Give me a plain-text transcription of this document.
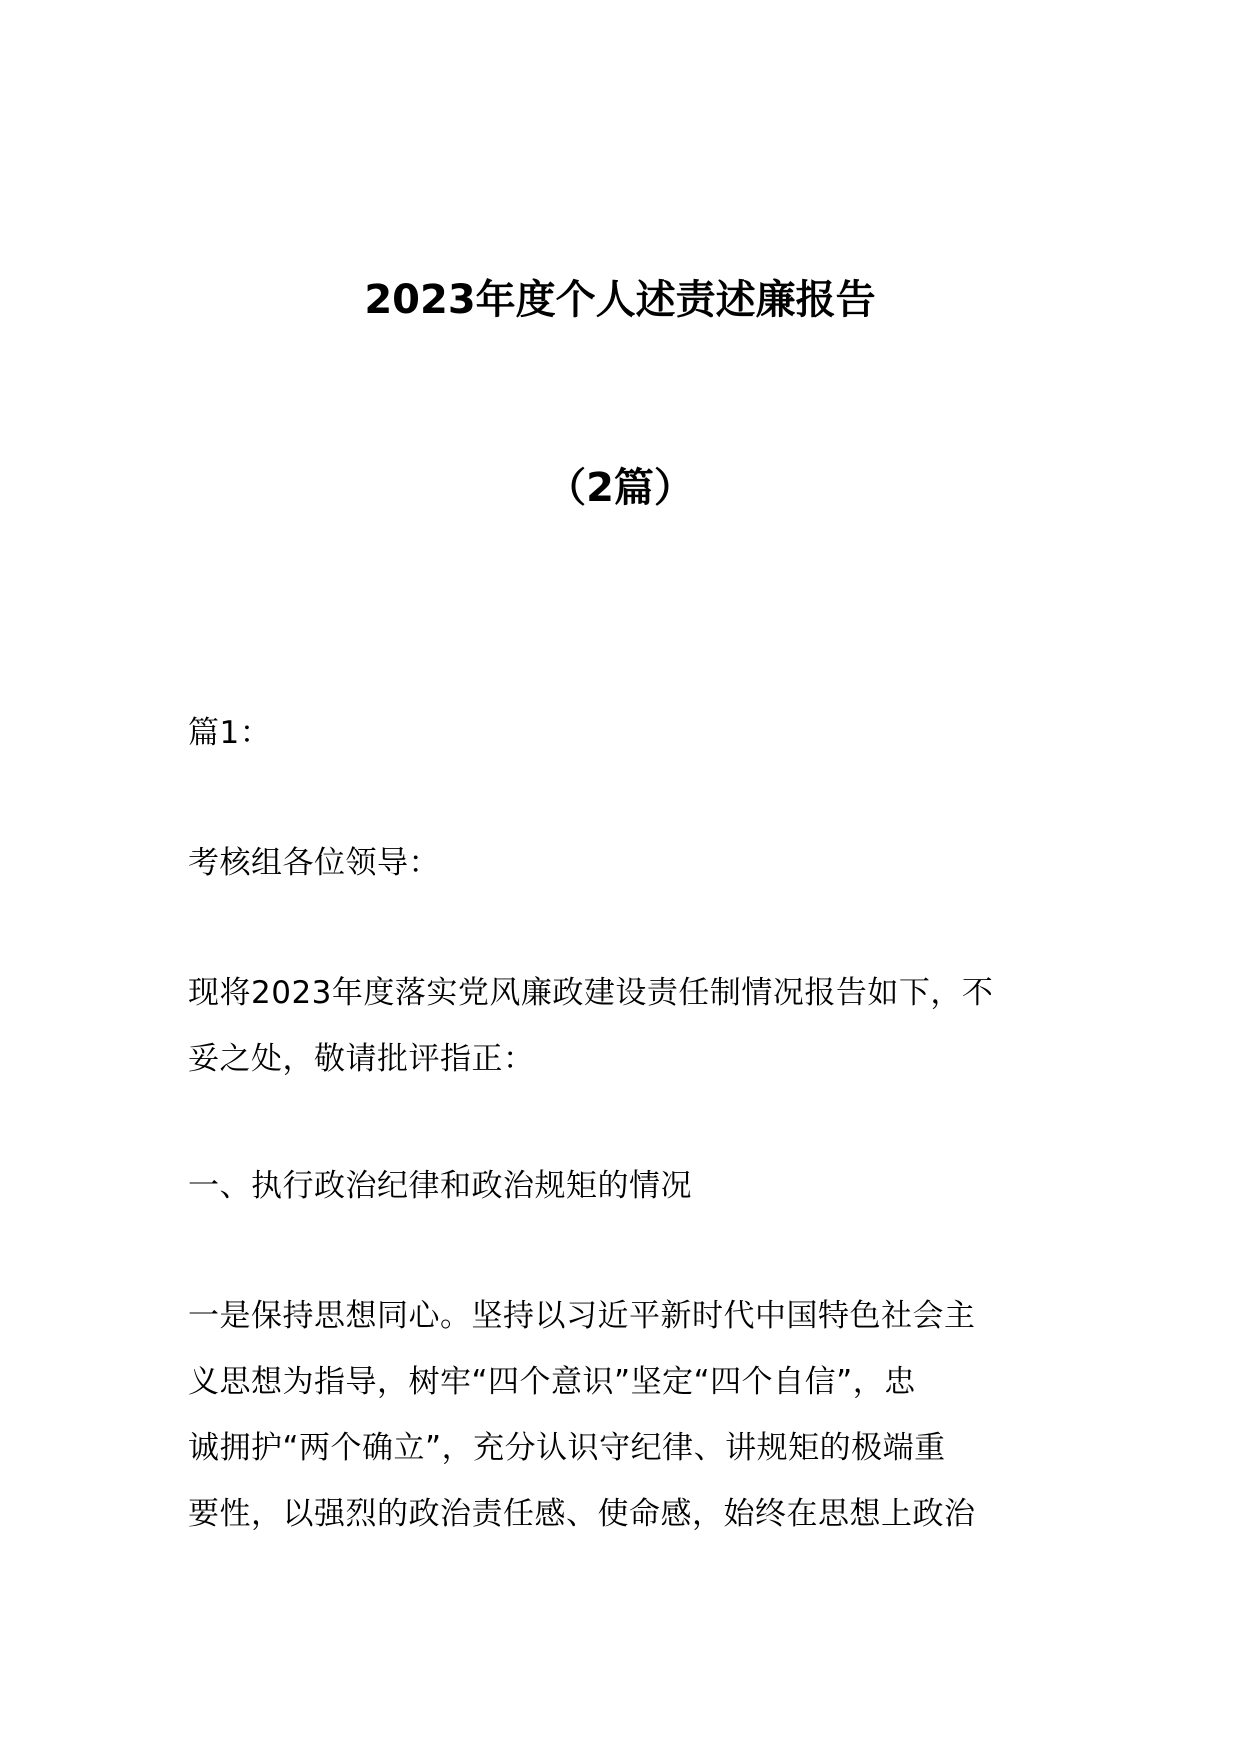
2023年度个人述责述廉报告
（2篇）
篇1：
考核组各位领导：
现将2023年度落实党风廉政建设责任制情况报告如下，不
妥之处，敬请批评指正：
一、执行政治纪律和政治规矩的情况
一是保持思想同心。坚持以习近平新时代中国特色社会主
义思想为指导，树牢“四个意识”坚定“四个自信”，忠
诚拥护“两个确立”，充分认识守纪律、讲规矩的极端重
要性，以强烈的政治责任感、使命感，始终在思想上政治
